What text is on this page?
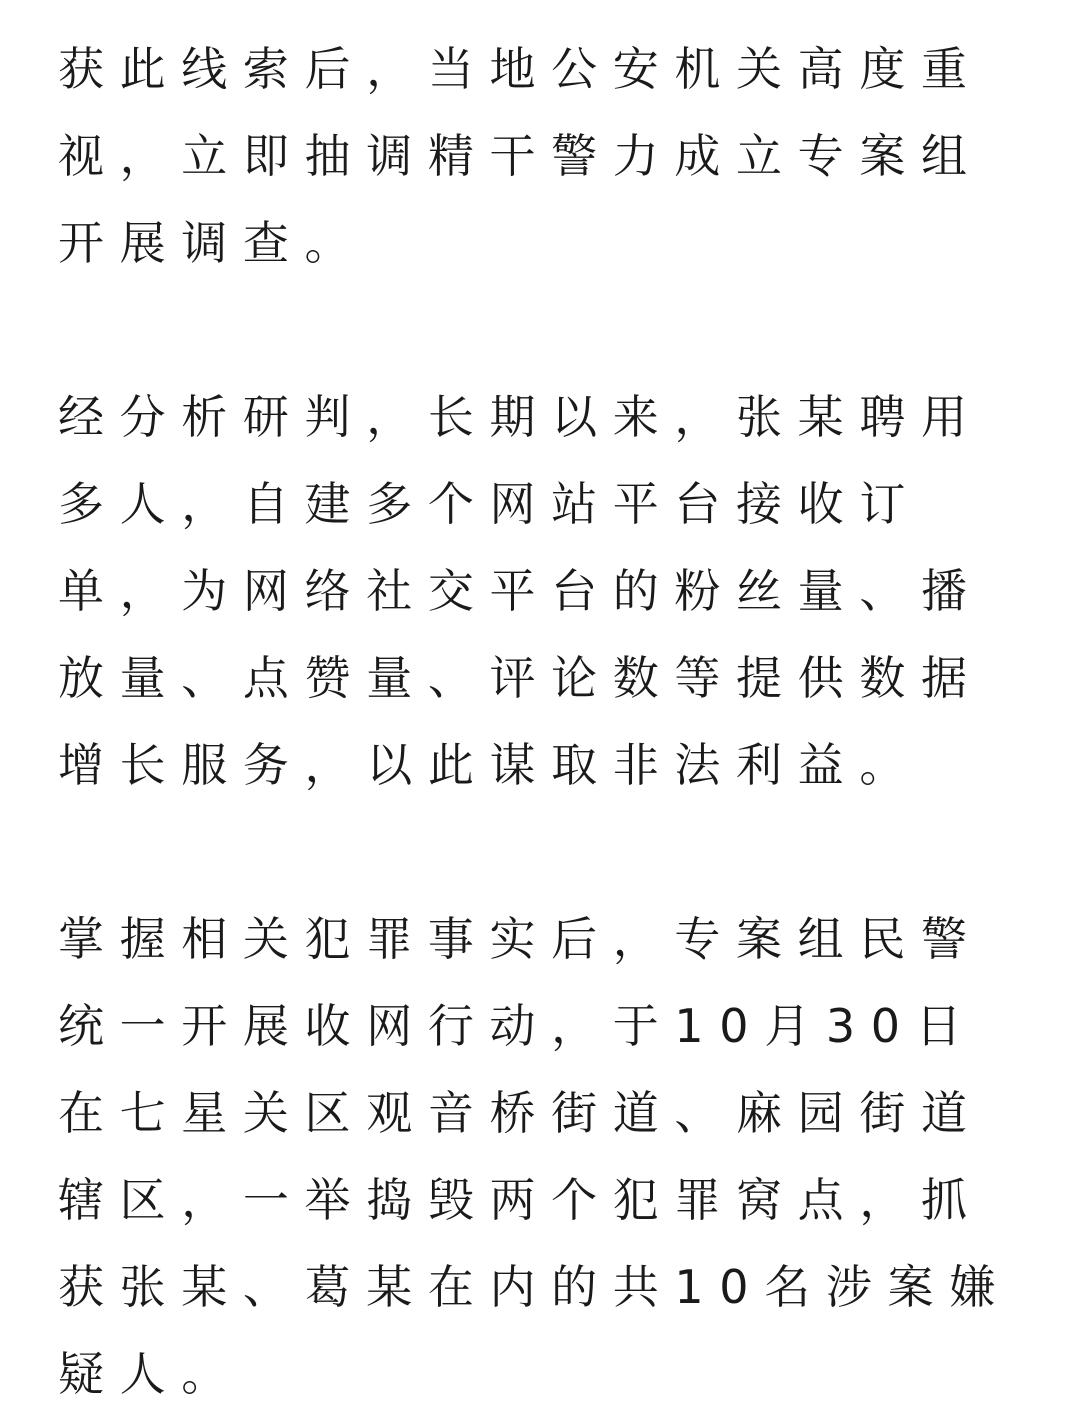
获此线索后，当地公安机关高度重视，立即抽调精干警力成立专案组开展调查。

经分析研判，长期以来，张某聘用多人，自建多个网站平台接收订单，为网络社交平台的粉丝量、播放量、点赞量、评论数等提供数据增长服务，以此谋取非法利益。

掌握相关犯罪事实后，专案组民警统一开展收网行动，于10月30日在七星关区观音桥街道、麻园街道辖区，一举捣毁两个犯罪窝点，抓获张某、葛某在内的共10名涉案嫌疑人。
